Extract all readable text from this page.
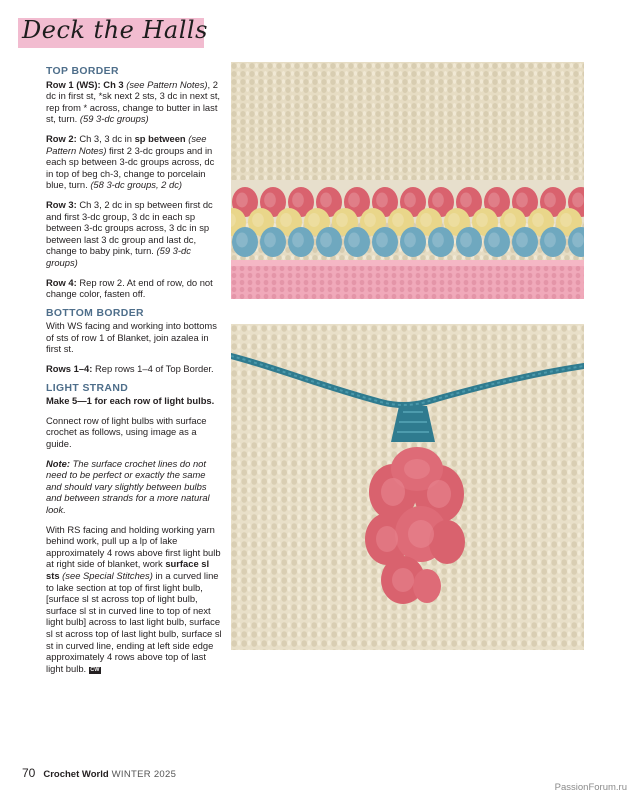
Deck the Halls
TOP BORDER

Row 1 (WS): Ch 3 (see Pattern Notes), 2 dc in first st, *sk next 2 sts, 3 dc in next st, rep from * across, change to butter in last st, turn. (59 3-dc groups)

Row 2: Ch 3, 3 dc in sp between (see Pattern Notes) first 2 3-dc groups and in each sp between 3-dc groups across, dc in top of beg ch-3, change to porcelain blue, turn. (58 3-dc groups, 2 dc)

Row 3: Ch 3, 2 dc in sp between first dc and first 3-dc group, 3 dc in each sp between 3-dc groups across, 3 dc in sp between last 3 dc group and last dc, change to baby pink, turn. (59 3-dc groups)

Row 4: Rep row 2. At end of row, do not change color, fasten off.

BOTTOM BORDER

With WS facing and working into bottoms of sts of row 1 of Blanket, join azalea in first st.

Rows 1–4: Rep rows 1–4 of Top Border.

LIGHT STRAND

Make 5—1 for each row of light bulbs.

Connect row of light bulbs with surface crochet as follows, using image as a guide.

Note: The surface crochet lines do not need to be perfect or exactly the same and should vary slightly between bulbs and between strands for a more natural look.

With RS facing and holding working yarn behind work, pull up a lp of lake approximately 4 rows above first light bulb at right side of blanket, work surface sl sts (see Special Stitches) in a curved line to lake section at top of first light bulb, [surface sl st across top of light bulb, surface sl st in curved line to top of next light bulb] across to last light bulb, surface sl st across top of last light bulb, surface sl st in curved line, ending at left side edge approximately 4 rows above top of last light bulb. CW

70 Crochet World WINTER 2025
PassionForum.ru
